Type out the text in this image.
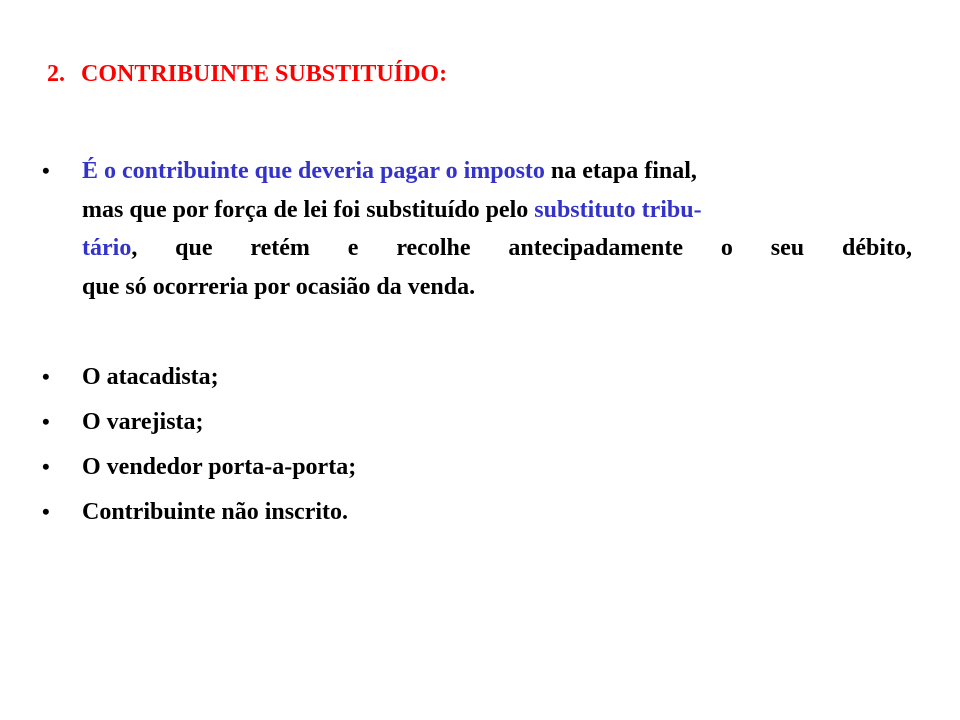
2. CONTRIBUINTE SUBSTITUÍDO:
•	É o contribuinte que deveria pagar o imposto na etapa final,
mas que por força de lei foi substituído pelo substituto tribu-
tário, que retém e recolhe antecipadamente o seu débito,
que só ocorreria por ocasião da venda.
•	O atacadista;
•	O varejista;
•	O vendedor porta-a-porta;
•	Contribuinte não inscrito.
